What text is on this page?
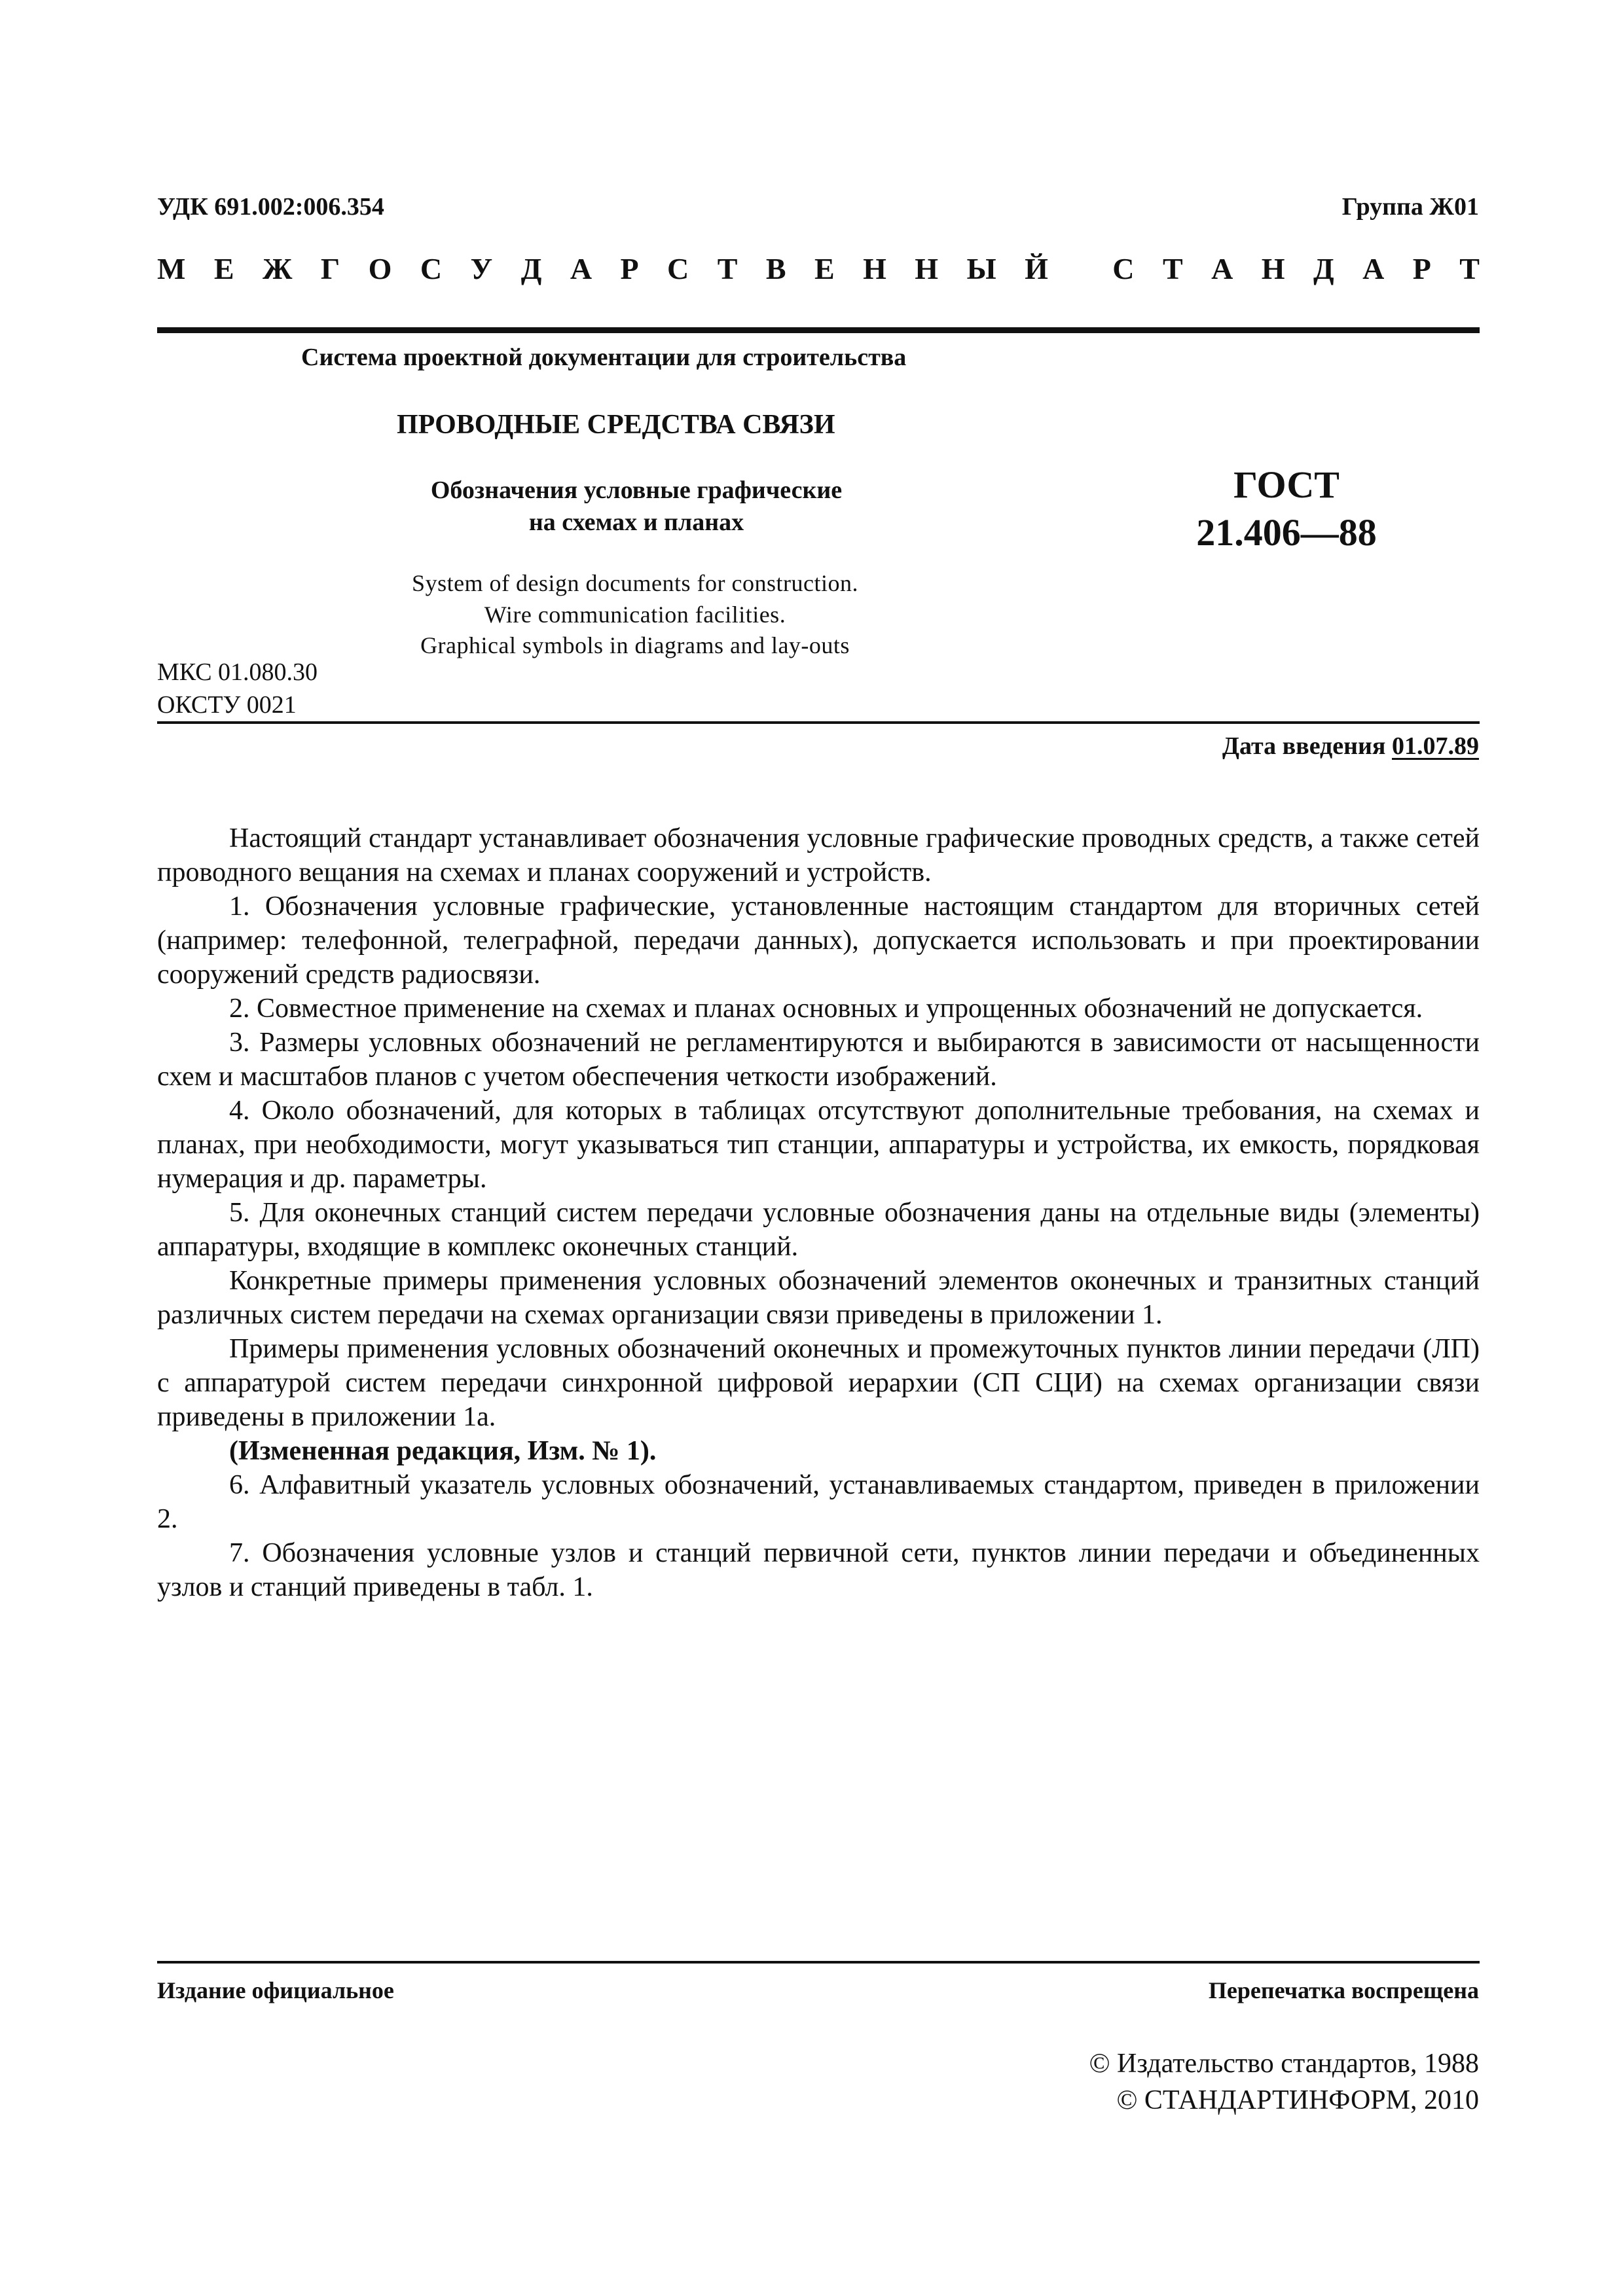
УДК 691.002:006.354	Группа Ж01
М Е Ж Г О С У Д А Р С Т В Е Н Н Ы Й
С Т А Н Д А Р Т
Система проектной документации для строительства
ПРОВОДНЫЕ СРЕДСТВА СВЯЗИ
Обозначения условные графические
на схемах и планах
ГОСТ
21.406—88
System of design documents for construction.
Wire communication facilities.
Graphical symbols in diagrams and lay-outs
МКС 01.080.30
ОКСТУ 0021
Дата введения 01.07.89

Настоящий стандарт устанавливает обозначения условные графические проводных средств, а также сетей проводного вещания на схемах и планах сооружений и устройств.

1. Обозначения условные графические, установленные настоящим стандартом для вторичных сетей (например: телефонной, телеграфной, передачи данных), допускается использовать и при проектировании сооружений средств радиосвязи.

2. Совместное применение на схемах и планах основных и упрощенных обозначений не допускается.

3. Размеры условных обозначений не регламентируются и выбираются в зависимости от насыщенности схем и масштабов планов с учетом обеспечения четкости изображений.

4. Около обозначений, для которых в таблицах отсутствуют дополнительные требования, на схемах и планах, при необходимости, могут указываться тип станции, аппаратуры и устройства, их емкость, порядковая нумерация и др. параметры.

5. Для оконечных станций систем передачи условные обозначения даны на отдельные виды (элементы) аппаратуры, входящие в комплекс оконечных станций.

Конкретные примеры применения условных обозначений элементов оконечных и транзитных станций различных систем передачи на схемах организации связи приведены в приложении 1.

Примеры применения условных обозначений оконечных и промежуточных пунктов линии передачи (ЛП) с аппаратурой систем передачи синхронной цифровой иерархии (СП СЦИ) на схемах организации связи приведены в приложении 1а.

(Измененная редакция, Изм. № 1).

6. Алфавитный указатель условных обозначений, устанавливаемых стандартом, приведен в приложении 2.

7. Обозначения условные узлов и станций первичной сети, пунктов линии передачи и объединенных узлов и станций приведены в табл. 1.

Издание официальное	Перепечатка воспрещена
© Издательство стандартов, 1988
© СТАНДАРТИНФОРМ, 2010
